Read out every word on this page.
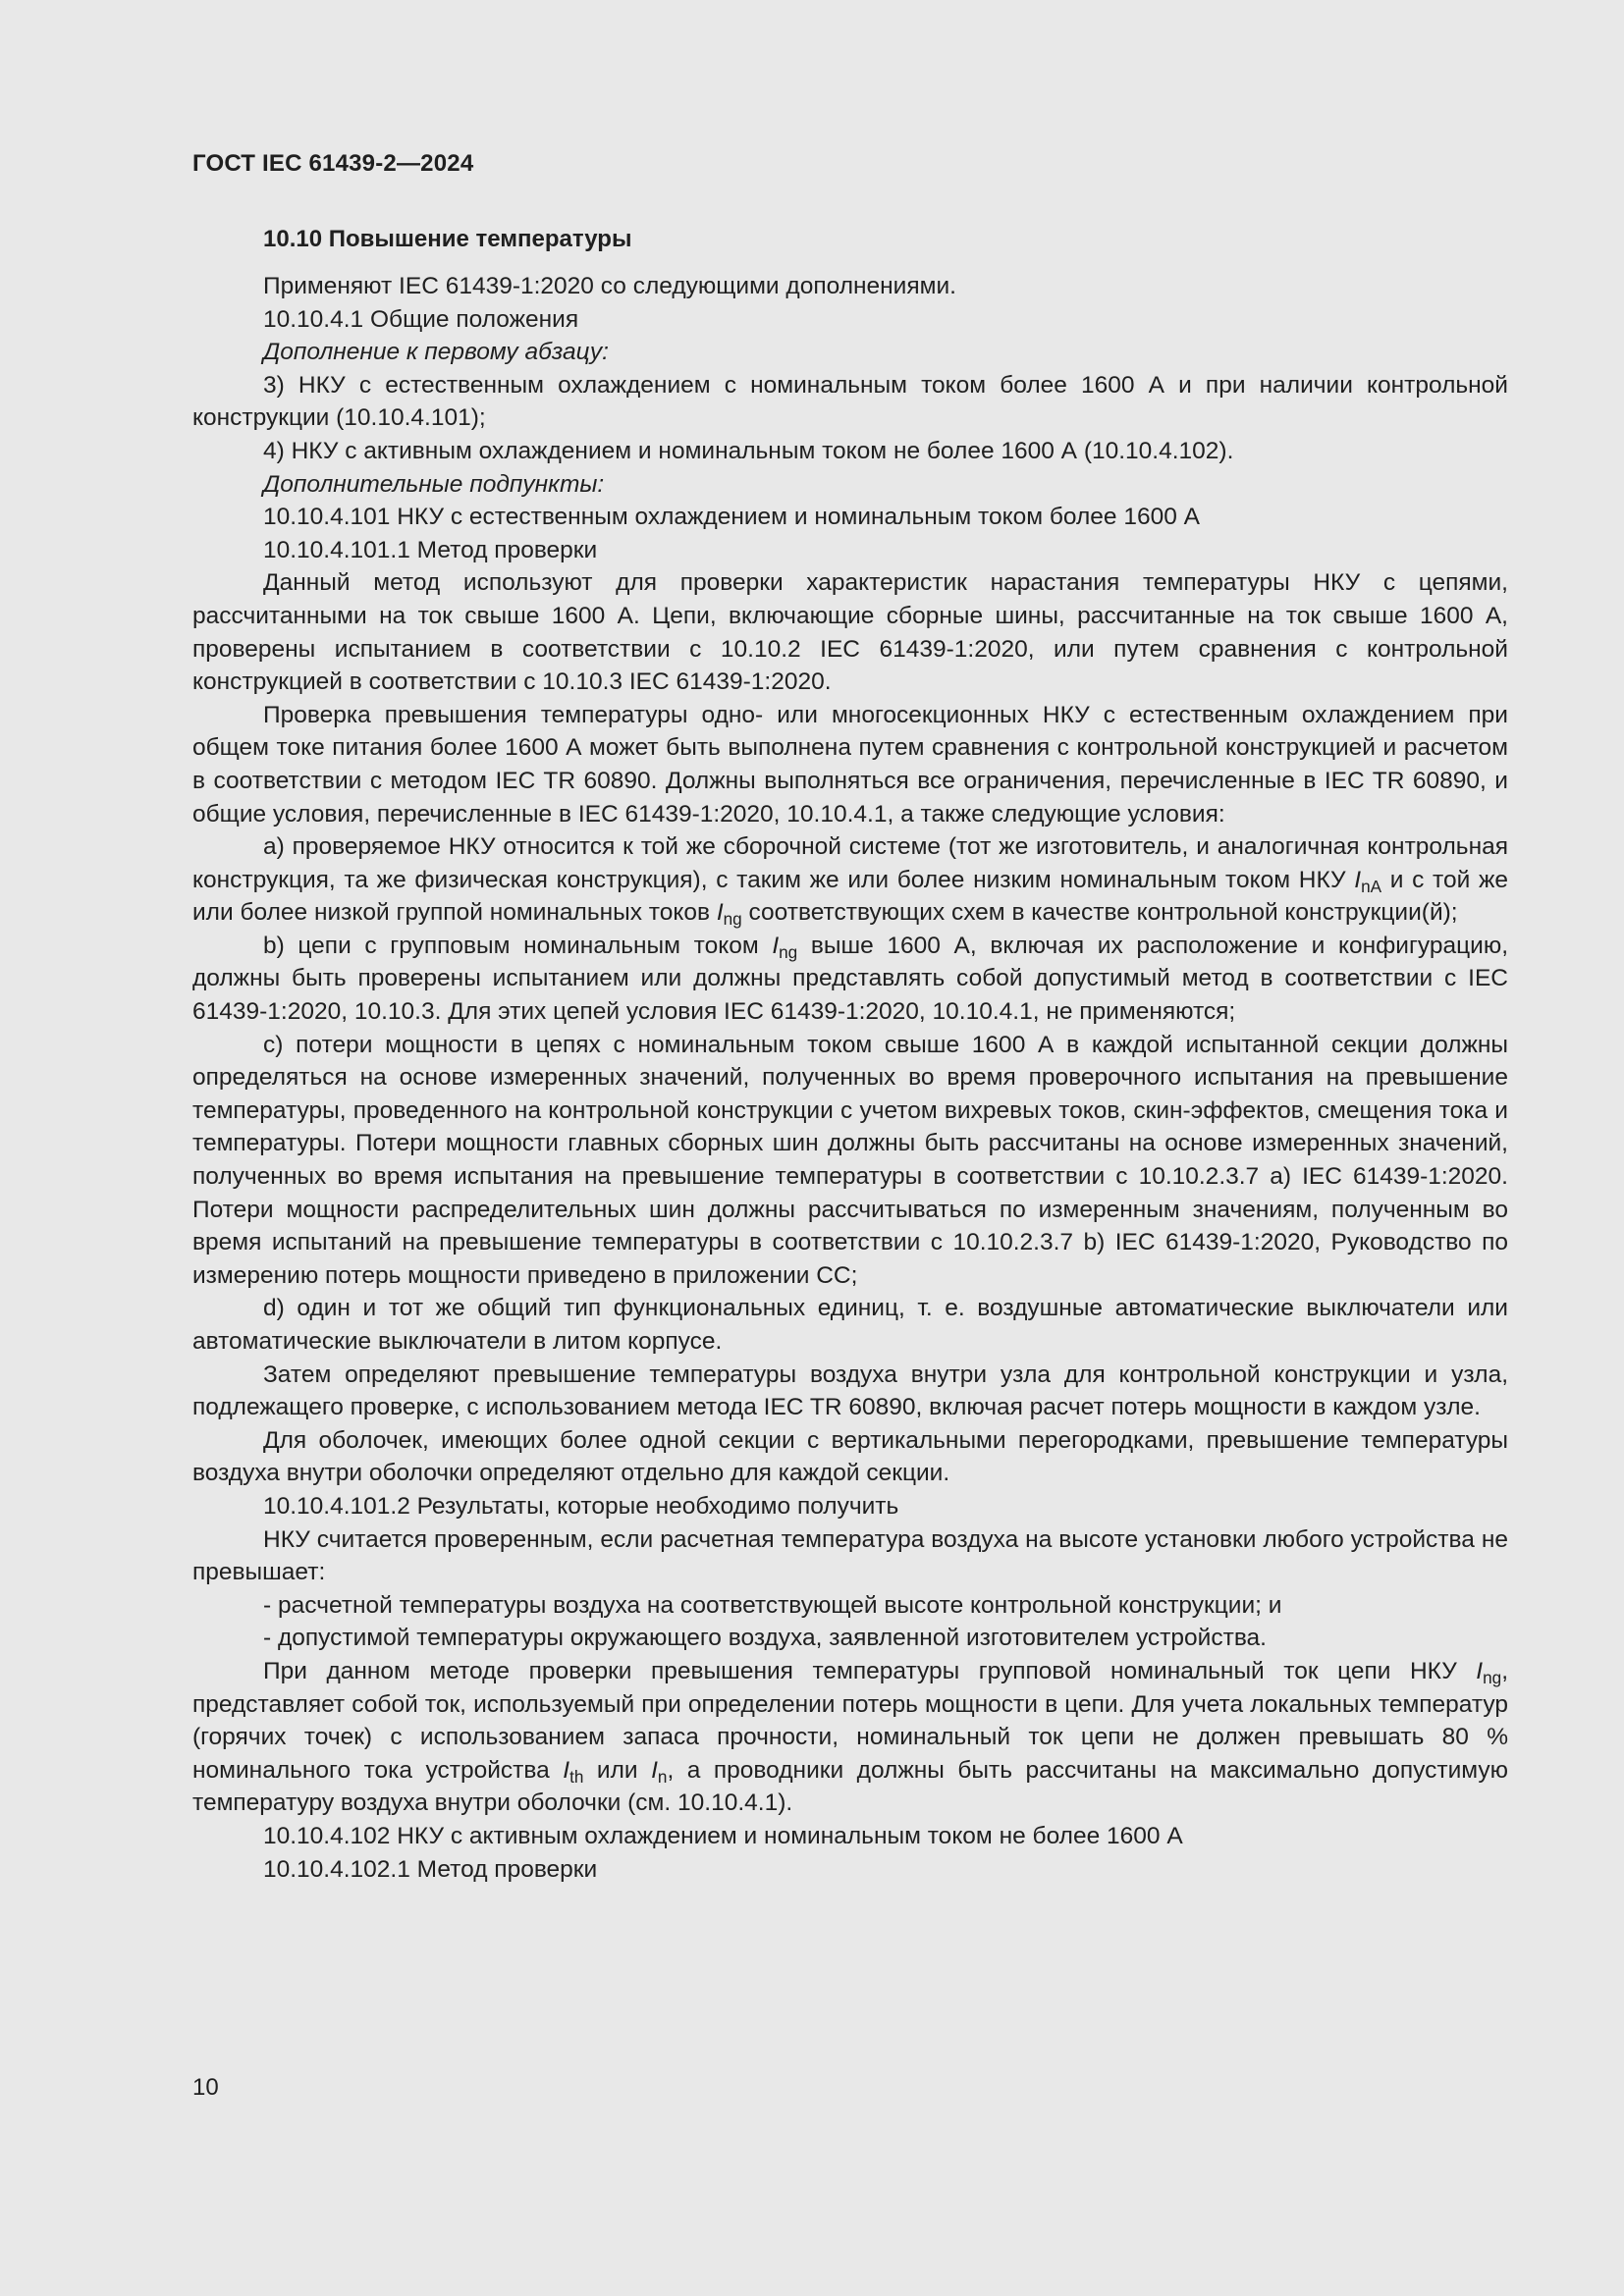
ГОСТ IEC 61439-2—2024
10.10 Повышение температуры

Применяют IEC 61439-1:2020 со следующими дополнениями.

10.10.4.1 Общие положения

Дополнение к первому абзацу:

3) НКУ с естественным охлаждением с номинальным током более 1600 А и при наличии контрольной конструкции (10.10.4.101);

4) НКУ с активным охлаждением и номинальным током не более 1600 А (10.10.4.102).

Дополнительные подпункты:

10.10.4.101 НКУ с естественным охлаждением и номинальным током более 1600 А

10.10.4.101.1 Метод проверки

Данный метод используют для проверки характеристик нарастания температуры НКУ с цепями, рассчитанными на ток свыше 1600 А. Цепи, включающие сборные шины, рассчитанные на ток свыше 1600 А, проверены испытанием в соответствии с 10.10.2 IEC 61439-1:2020, или путем сравнения с контрольной конструкцией в соответствии с 10.10.3 IEC 61439-1:2020.

Проверка превышения температуры одно- или многосекционных НКУ с естественным охлаждением при общем токе питания более 1600 А может быть выполнена путем сравнения с контрольной конструкцией и расчетом в соответствии с методом IEC TR 60890. Должны выполняться все ограничения, перечисленные в IEC TR 60890, и общие условия, перечисленные в IEC 61439-1:2020, 10.10.4.1, а также следующие условия:

a) проверяемое НКУ относится к той же сборочной системе (тот же изготовитель, и аналогичная контрольная конструкция, та же физическая конструкция), с таким же или более низким номинальным током НКУ $I_{nA}$ и с той же или более низкой группой номинальных токов $I_{ng}$ соответствующих схем в качестве контрольной конструкции(й);

b) цепи с групповым номинальным током $I_{ng}$ выше 1600 А, включая их расположение и конфигурацию, должны быть проверены испытанием или должны представлять собой допустимый метод в соответствии с IEC 61439-1:2020, 10.10.3. Для этих цепей условия IEC 61439-1:2020, 10.10.4.1, не применяются;

c) потери мощности в цепях с номинальным током свыше 1600 А в каждой испытанной секции должны определяться на основе измеренных значений, полученных во время проверочного испытания на превышение температуры, проведенного на контрольной конструкции с учетом вихревых токов, скин-эффектов, смещения тока и температуры. Потери мощности главных сборных шин должны быть рассчитаны на основе измеренных значений, полученных во время испытания на превышение температуры в соответствии с 10.10.2.3.7 a) IEC 61439-1:2020. Потери мощности распределительных шин должны рассчитываться по измеренным значениям, полученным во время испытаний на превышение температуры в соответствии с 10.10.2.3.7 b) IEC 61439-1:2020, Руководство по измерению потерь мощности приведено в приложении СС;

d) один и тот же общий тип функциональных единиц, т. е. воздушные автоматические выключатели или автоматические выключатели в литом корпусе.

Затем определяют превышение температуры воздуха внутри узла для контрольной конструкции и узла, подлежащего проверке, с использованием метода IEC TR 60890, включая расчет потерь мощности в каждом узле.

Для оболочек, имеющих более одной секции с вертикальными перегородками, превышение температуры воздуха внутри оболочки определяют отдельно для каждой секции.

10.10.4.101.2 Результаты, которые необходимо получить

НКУ считается проверенным, если расчетная температура воздуха на высоте установки любого устройства не превышает:

- расчетной температуры воздуха на соответствующей высоте контрольной конструкции; и

- допустимой температуры окружающего воздуха, заявленной изготовителем устройства.

При данном методе проверки превышения температуры групповой номинальный ток цепи НКУ $I_{ng}$, представляет собой ток, используемый при определении потерь мощности в цепи. Для учета локальных температур (горячих точек) с использованием запаса прочности, номинальный ток цепи не должен превышать 80 % номинального тока устройства $I_{th}$ или $I_n$, а проводники должны быть рассчитаны на максимально допустимую температуру воздуха внутри оболочки (см. 10.10.4.1).

10.10.4.102 НКУ с активным охлаждением и номинальным током не более 1600 А

10.10.4.102.1 Метод проверки

10
